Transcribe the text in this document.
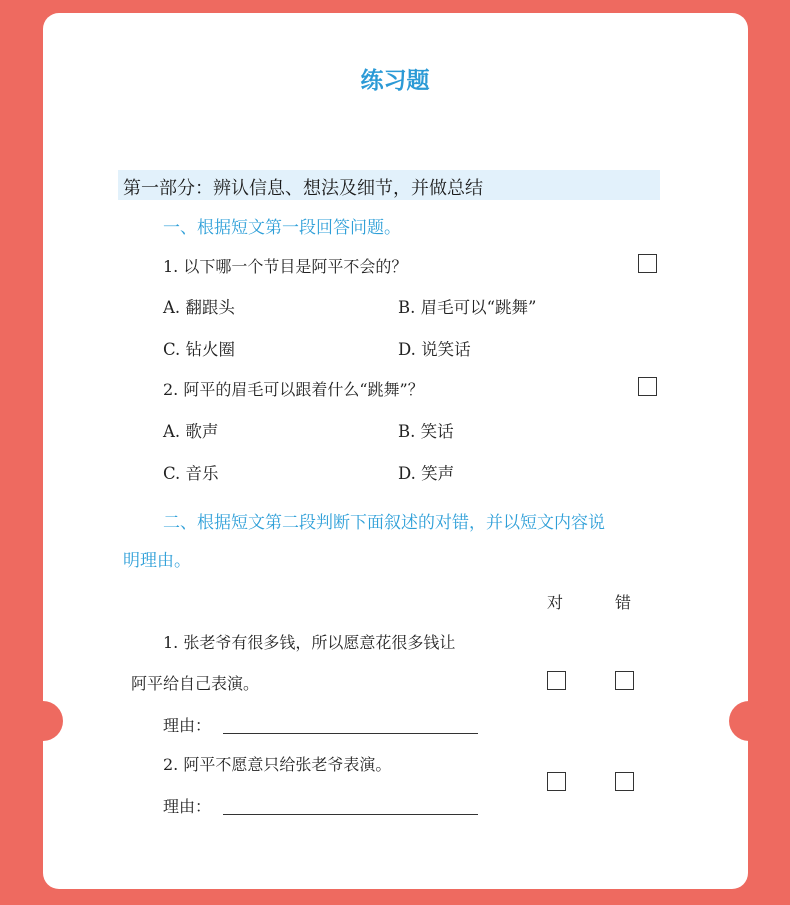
练习题
第一部分：辨认信息、想法及细节，并做总结
一、根据短文第一段回答问题。
1. 以下哪一个节目是阿平不会的？
A. 翻跟头	B. 眉毛可以“跳舞”
C. 钻火圈	D. 说笑话
2. 阿平的眉毛可以跟着什么“跳舞”？
A. 歌声	B. 笑话
C. 音乐	D. 笑声
二、根据短文第二段判断下面叙述的对错，并以短文内容说
明理由。
对	错
1. 张老爷有很多钱，所以愿意花很多钱让
阿平给自己表演。
理由：
2. 阿平不愿意只给张老爷表演。
理由：
